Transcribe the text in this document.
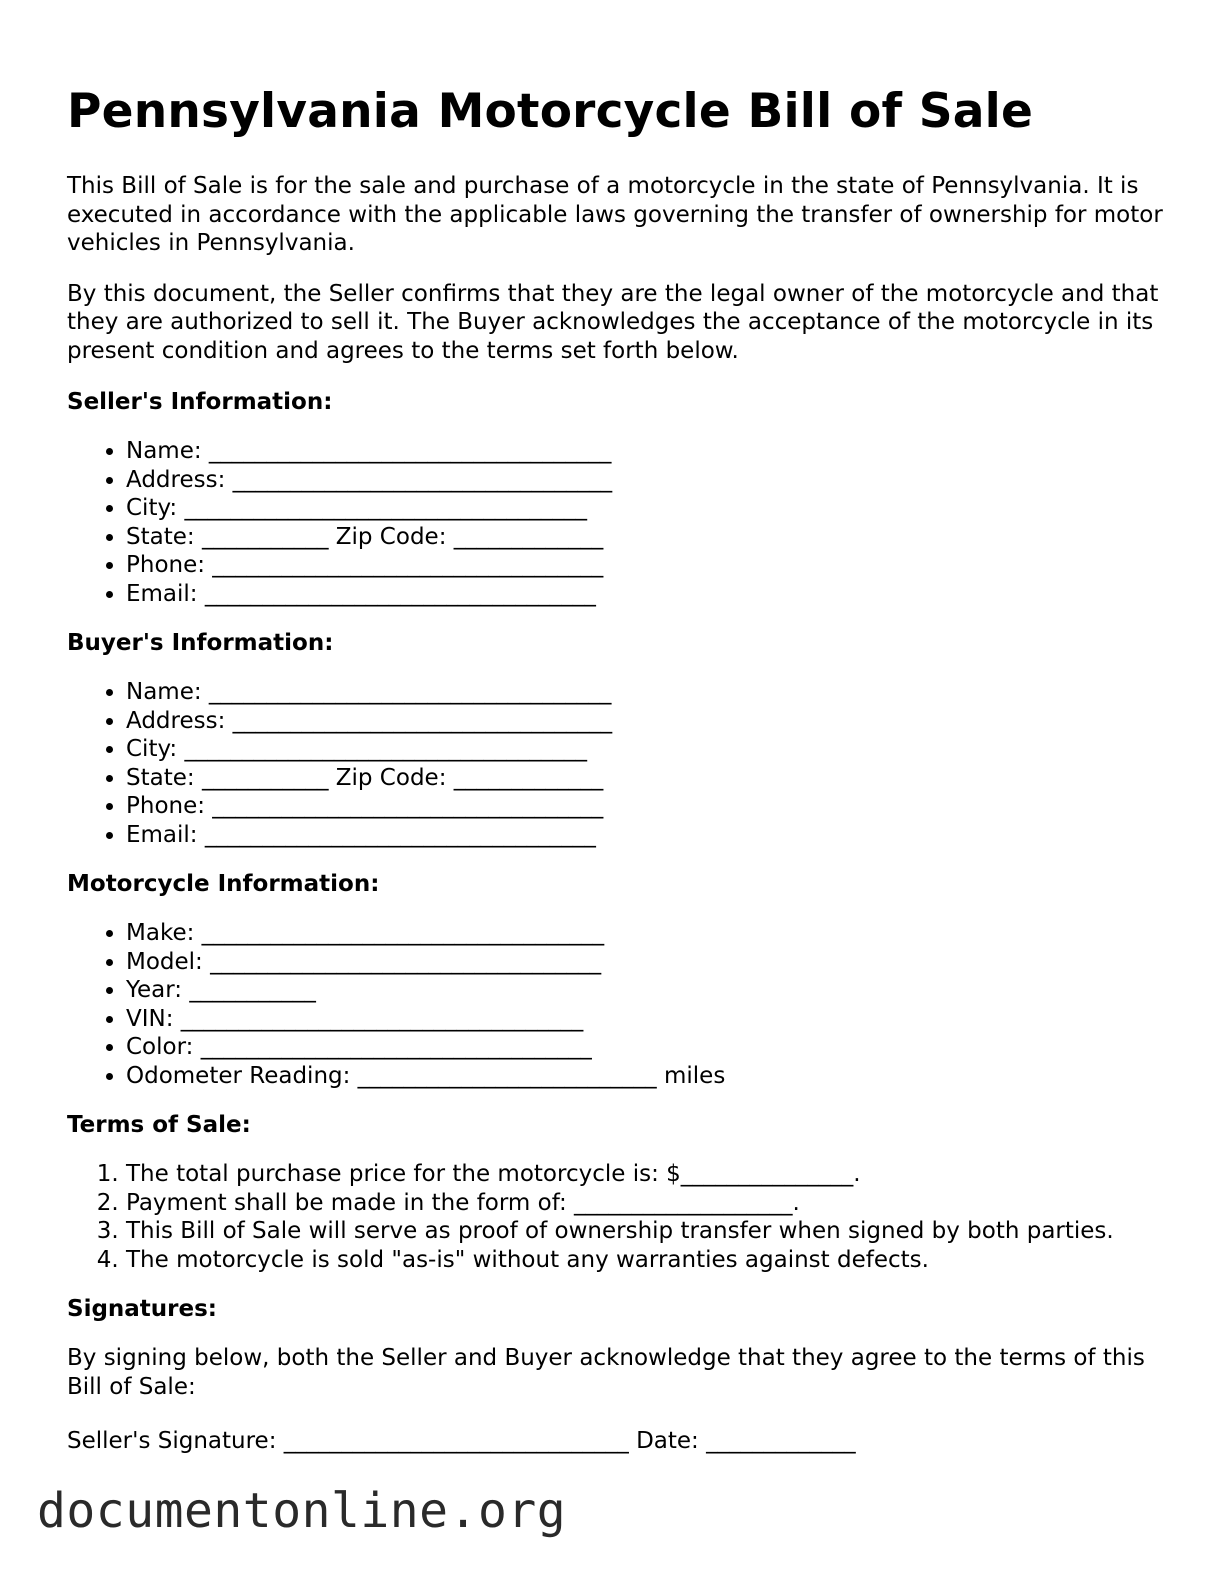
Pennsylvania Motorcycle Bill of Sale

This Bill of Sale is for the sale and purchase of a motorcycle in the state of Pennsylvania. It is executed in accordance with the applicable laws governing the transfer of ownership for motor vehicles in Pennsylvania.

By this document, the Seller confirms that they are the legal owner of the motorcycle and that they are authorized to sell it. The Buyer acknowledges the acceptance of the motorcycle in its present condition and agrees to the terms set forth below.

Seller's Information:
• Name: ___________________________________
• Address: _________________________________
• City: ___________________________________
• State: ___________ Zip Code: _____________
• Phone: __________________________________
• Email: __________________________________
Buyer's Information:
• Name: ___________________________________
• Address: _________________________________
• City: ___________________________________
• State: ___________ Zip Code: _____________
• Phone: __________________________________
• Email: __________________________________
Motorcycle Information:
• Make: ___________________________________
• Model: __________________________________
• Year: ___________
• VIN: ___________________________________
• Color: __________________________________
• Odometer Reading: __________________________ miles
Terms of Sale:
1. The total purchase price for the motorcycle is: $_______________.
2. Payment shall be made in the form of: ___________________.
3. This Bill of Sale will serve as proof of ownership transfer when signed by both parties.
4. The motorcycle is sold "as-is" without any warranties against defects.
Signatures:

By signing below, both the Seller and Buyer acknowledge that they agree to the terms of this Bill of Sale:

Seller's Signature: ______________________________ Date: _____________
documentonline.org
